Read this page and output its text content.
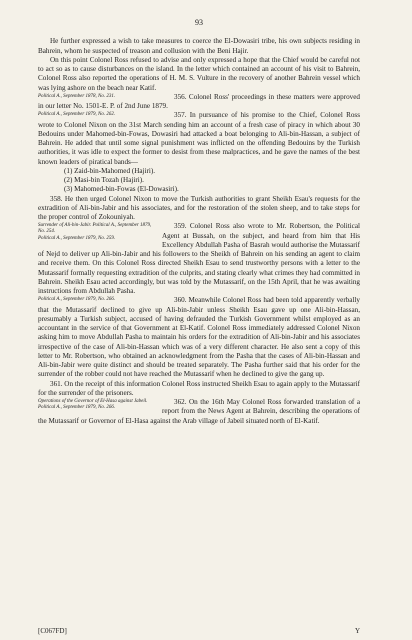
93

He further expressed a wish to take measures to coerce the El-Dowasiri tribe, his own subjects residing in Bahrein, whom he suspected of treason and collusion with the Beni Hajir.

On this point Colonel Ross refused to advise and only expressed a hope that the Chief would be careful not to act so as to cause disturbances on the island. In the letter which contained an account of his visit to Bahrein, Colonel Ross also reported the operations of H. M. S. Vulture in the recovery of another Bahrein vessel which was lying ashore on the beach near Katif.

Political A., September 1878, No. 231.	356. Colonel Ross' proceedings in these matters were approved in our letter No. 1501-E. P. of 2nd June 1879.

Political A., September 1879, No. 262.	357. In pursuance of his promise to the Chief, Colonel Ross wrote to Colonel Nixon on the 31st March sending him an account of a fresh case of piracy in which about 30 Bedouins under Mahomed-bin-Fowas, Dowasiri had attacked a boat belonging to Ali-bin-Hassan, a subject of Bahrein. He added that until some signal punishment was inflicted on the offending Bedouins by the Turkish authorities, it was idle to expect the former to desist from these malpractices, and he gave the names of the best known leaders of piratical bands—

(1) Zaid-bin-Mahomed (Hajiri).

(2) Masi-bin Tozah (Hajiri).

(3) Mahomed-bin-Fowas (El-Dowasiri).

358. He then urged Colonel Nixon to move the Turkish authorities to grant Sheikh Esau's requests for the extradition of Ali-bin-Jabir and his associates, and for the restoration of the stolen sheep, and to take steps for the proper control of Zokouniyah.

Surrender of Ali-bin-Jabir. Political A., September 1879, No. 254.
Political A., September 1879, No. 259.

359. Colonel Ross also wrote to Mr. Robertson, the Political Agent at Bussah, on the subject, and heard from him that His Excellency Abdullah Pasha of Basrah would authorise the Mutassarif of Nejd to deliver up Ali-bin-Jabir and his followers to the Sheikh of Bahrein on his sending an agent to claim and receive them. On this Colonel Ross directed Sheikh Esau to send trustworthy persons with a letter to the Mutassarif formally requesting extradition of the culprits, and stating clearly what crimes they had committed in Bahrein. Sheikh Esau acted accordingly, but was told by the Mutassarif, on the 15th April, that he was awaiting instructions from Abdullah Pasha.

Political A., September 1879, No. 266.	360. Meanwhile Colonel Ross had been told apparently verbally that the Mutassarif declined to give up Ali-bin-Jabir unless Sheikh Esau gave up one Ali-bin-Hassan, presumably a Turkish subject, accused of having defrauded the Turkish Government whilst employed as an accountant in the service of that Government at El-Katif. Colonel Ross immediately addressed Colonel Nixon asking him to move Abdullah Pasha to maintain his orders for the extradition of Ali-bin-Jabir and his associates irrespective of the case of Ali-bin-Hassan which was of a very different character. He also sent a copy of this letter to Mr. Robertson, who obtained an acknowledgment from the Pasha that the cases of Ali-bin-Hassan and Ali-bin-Jabir were quite distinct and should be treated separately. The Pasha further said that his order for the surrender of the robber could not have reached the Mutassarif when he declined to give the gang up.

361. On the receipt of this information Colonel Ross instructed Sheikh Esau to again apply to the Mutassarif for the surrender of the prisoners.

Operations of the Governor of El-Hasa against Jabeil. Political A., September 1879, No. 266.

362. On the 16th May Colonel Ross forwarded translation of a report from the News Agent at Bahrein, describing the operations of the Mutassarif or Governor of El-Hasa against the Arab village of Jabeil situated north of El-Katif.

[C067FD]	Y
